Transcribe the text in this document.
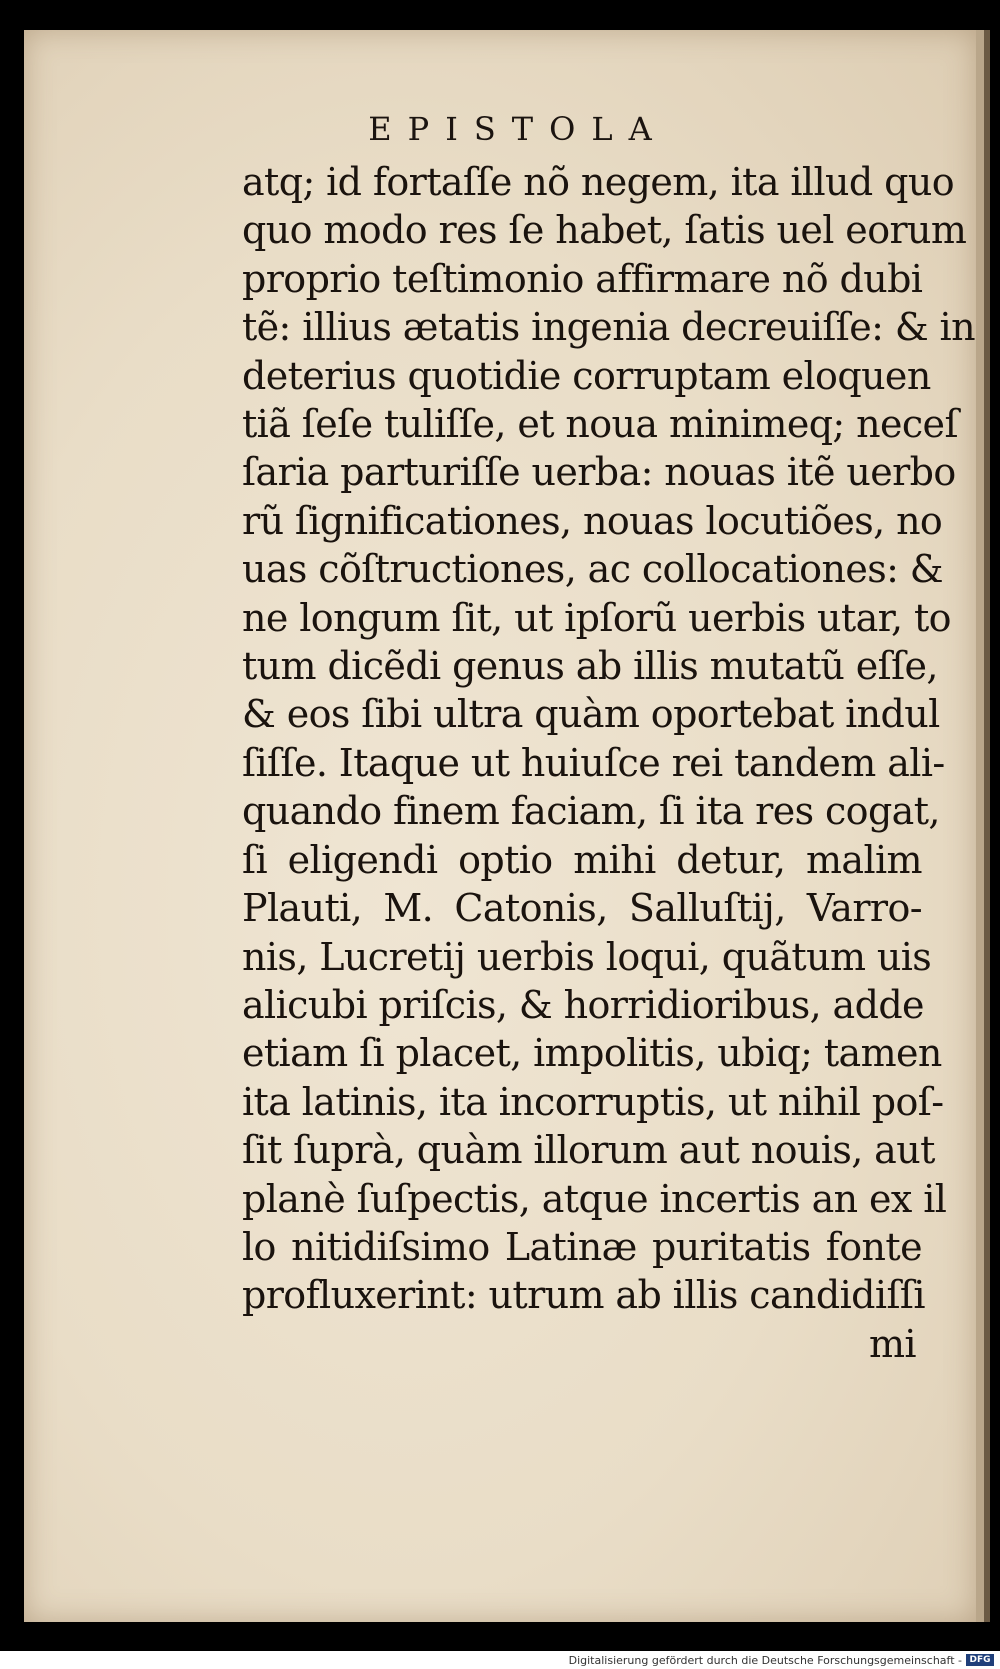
EPISTOLA
atq; id fortaſſe nõ negem, ita illud quo
quo modo res ſe habet, ſatis uel eorum
proprio teſtimonio affirmare nõ dubi
tẽ: illius ætatis ingenia decreuiſſe: & in
deterius quotidie corruptam eloquen
tiã ſeſe tuliſſe, et noua minimeq; neceſ
ſaria parturiſſe uerba: nouas itẽ uerbo
rũ ſignificationes, nouas locutiões, no
uas cõſtructiones, ac collocationes: &
ne longum ſit, ut ipſorũ uerbis utar, to
tum dicẽdi genus ab illis mutatũ eſſe,
& eos ſibi ultra quàm oportebat indul
ſiſſe. Itaque ut huiuſce rei tandem ali-
quando finem faciam, ſi ita res cogat,
ſi eligendi optio mihi detur, malim
Plauti, M. Catonis, Salluſtij, Varro-
nis, Lucretij uerbis loqui, quãtum uis
alicubi priſcis, & horridioribus, adde
etiam ſi placet, impolitis, ubiq; tamen
ita latinis, ita incorruptis, ut nihil poſ-
ſit ſuprà, quàm illorum aut nouis, aut
planè ſuſpectis, atque incertis an ex il
lo nitidiſsimo Latinæ puritatis fonte
profluxerint: utrum ab illis candidiſſi
mi
Digitalisierung gefördert durch die Deutsche Forschungsgemeinschaft - DFG
